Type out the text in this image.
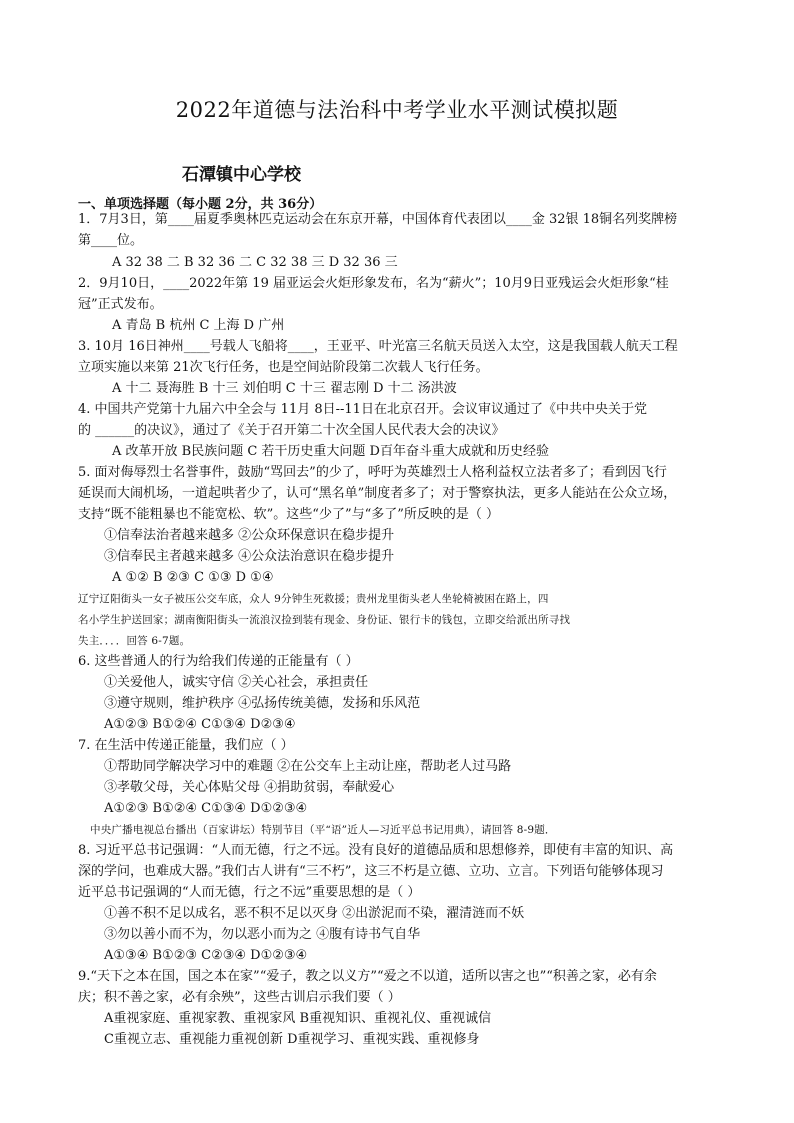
2022年道德与法治科中考学业水平测试模拟题
石潭镇中心学校
一、单项选择题（每小题 2分，共 36分）
1．7月3日，第____届夏季奥林匹克运动会在东京开幕，中国体育代表团以____金 32银 18铜名列奖牌榜
第____位。
A 32 38 二 B 32 36 二 C 32 38 三 D 32 36 三
2．9月10日，____2022年第 19 届亚运会火炬形象发布，名为“薪火”；10月9日亚残运会火炬形象“桂
冠”正式发布。
A 青岛 B 杭州 C 上海 D 广州
3. 10月 16日神州____号载人飞船将____，王亚平、叶光富三名航天员送入太空，这是我国载人航天工程
立项实施以来第 21次飞行任务，也是空间站阶段第二次载人飞行任务。
A 十二 聂海胜 B 十三 刘伯明 C 十三 翟志刚 D 十二 汤洪波
4. 中国共产党第十九届六中全会与 11月 8日--11日在北京召开。会议审议通过了《中共中央关于党
的 ______的决议》，通过了《关于召开第二十次全国人民代表大会的决议》
A 改革开放 B民族问题 C 若干历史重大问题 D百年奋斗重大成就和历史经验
5. 面对侮辱烈士名誉事件，鼓励“骂回去”的少了，呼吁为英雄烈士人格利益权立法者多了；看到因飞行
延误而大闹机场，一道起哄者少了，认可“黑名单”制度者多了；对于警察执法，更多人能站在公众立场，
支持“既不能粗暴也不能宽松、软”。这些“少了”与“多了”所反映的是（ ）
①信奉法治者越来越多 ②公众环保意识在稳步提升
③信奉民主者越来越多 ④公众法治意识在稳步提升
A ①② B ②③ C ①③ D ①④
辽宁辽阳街头一女子被压公交车底，众人 9分钟生死救援；贵州龙里街头老人坐轮椅被困在路上，四
名小学生护送回家；湖南衡阳街头一流浪汉捡到装有现金、身份证、银行卡的钱包，立即交给派出所寻找
失主．．．．回答 6-7题。
6. 这些普通人的行为给我们传递的正能量有（ ）
①关爱他人，诚实守信 ②关心社会，承担责任
③遵守规则，维护秩序 ④弘扬传统美德，发扬和乐风范
A①②③ B①②④ C①③④ D②③④
7. 在生活中传递正能量，我们应（ ）
①帮助同学解决学习中的难题 ②在公交车上主动让座，帮助老人过马路
③孝敬父母，关心体贴父母 ④捐助贫弱，奉献爱心
A①②③ B①②④ C①③④ D①②③④
中央广播电视总台播出（百家讲坛）特别节目（平“语”近人—习近平总书记用典），请回答 8-9题．
8. 习近平总书记强调：“人而无德，行之不远。没有良好的道德品质和思想修养，即使有丰富的知识、高
深的学问，也难成大器。”我们古人讲有“三不朽”，这三不朽是立德、立功、立言。下列语句能够体现习
近平总书记强调的“人而无德，行之不远”重要思想的是（ ）
①善不积不足以成名，恶不积不足以灭身 ②出淤泥而不染，濯清涟而不妖
③勿以善小而不为，勿以恶小而为之 ④腹有诗书气自华
A①③④ B①②③ C②③④ D①②③④
9.“天下之本在国，国之本在家”“爱子，教之以义方”“爱之不以道，适所以害之也”“积善之家，必有余
庆；积不善之家，必有余殃”，这些古训启示我们要（ ）
A重视家庭、重视家教、重视家风 B重视知识、重视礼仪、重视诚信
C重视立志、重视能力重视创新 D重视学习、重视实践、重视修身
